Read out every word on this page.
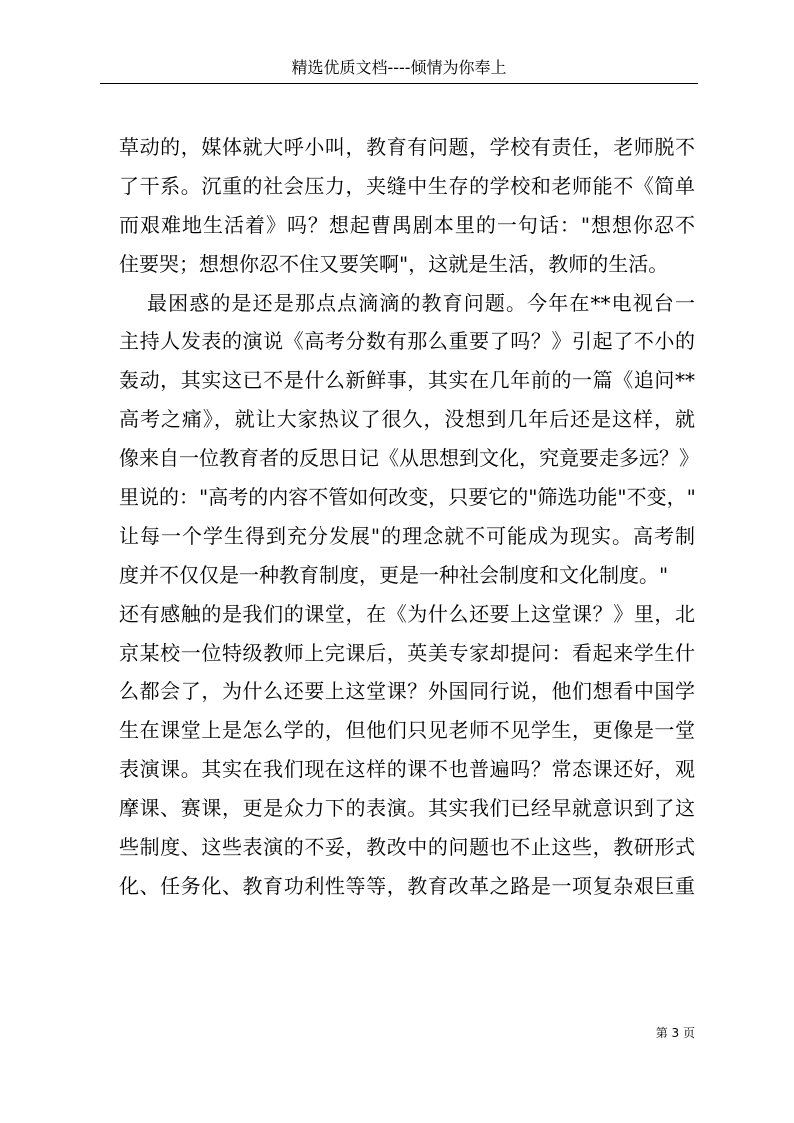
精选优质文档----倾情为你奉上
草动的，媒体就大呼小叫，教育有问题，学校有责任，老师脱不
了干系。沉重的社会压力，夹缝中生存的学校和老师能不《简单
而艰难地生活着》吗？想起曹禺剧本里的一句话："想想你忍不
住要哭；想想你忍不住又要笑啊"，这就是生活，教师的生活。
最困惑的是还是那点点滴滴的教育问题。今年在**电视台一
主持人发表的演说《高考分数有那么重要了吗？》引起了不小的
轰动，其实这已不是什么新鲜事，其实在几年前的一篇《追问**
高考之痛》，就让大家热议了很久，没想到几年后还是这样，就
像来自一位教育者的反思日记《从思想到文化，究竟要走多远？》
里说的："高考的内容不管如何改变，只要它的"筛选功能"不变，"
让每一个学生得到充分发展"的理念就不可能成为现实。高考制
度并不仅仅是一种教育制度，更是一种社会制度和文化制度。"
还有感触的是我们的课堂，在《为什么还要上这堂课？》里，北
京某校一位特级教师上完课后，英美专家却提问：看起来学生什
么都会了，为什么还要上这堂课？外国同行说，他们想看中国学
生在课堂上是怎么学的，但他们只见老师不见学生，更像是一堂
表演课。其实在我们现在这样的课不也普遍吗？常态课还好，观
摩课、赛课，更是众力下的表演。其实我们已经早就意识到了这
些制度、这些表演的不妥，教改中的问题也不止这些，教研形式
化、任务化、教育功利性等等，教育改革之路是一项复杂艰巨重
第 3 页
